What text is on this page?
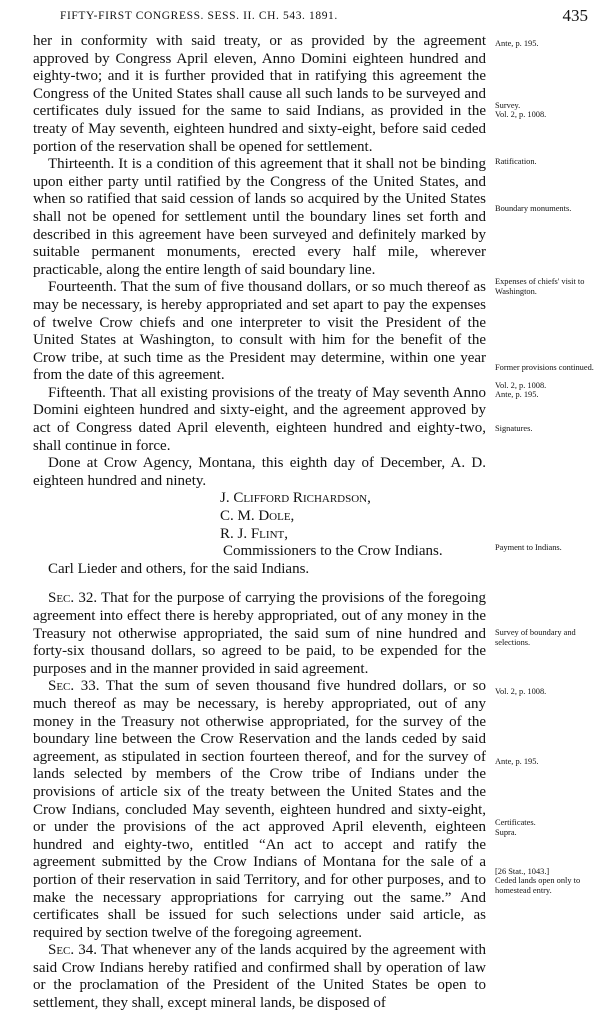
FIFTY-FIRST CONGRESS. SESS. II. CH. 543. 1891.	435

her in conformity with said treaty, or as provided by the agreement approved by Congress April eleven, Anno Domini eighteen hundred and eighty-two; and it is further provided that in ratifying this agreement the Congress of the United States shall cause all such lands to be surveyed and certificates duly issued for the same to said Indians, as provided in the treaty of May seventh, eighteen hundred and sixty-eight, before said ceded portion of the reservation shall be opened for settlement.

Thirteenth. It is a condition of this agreement that it shall not be binding upon either party until ratified by the Congress of the United States, and when so ratified that said cession of lands so acquired by the United States shall not be opened for settlement until the boundary lines set forth and described in this agreement have been surveyed and definitely marked by suitable permanent monuments, erected every half mile, wherever practicable, along the entire length of said boundary line.

Fourteenth. That the sum of five thousand dollars, or so much thereof as may be necessary, is hereby appropriated and set apart to pay the expenses of twelve Crow chiefs and one interpreter to visit the President of the United States at Washington, to consult with him for the benefit of the Crow tribe, at such time as the President may determine, within one year from the date of this agreement.

Fifteenth. That all existing provisions of the treaty of May seventh Anno Domini eighteen hundred and sixty-eight, and the agreement approved by act of Congress dated April eleventh, eighteen hundred and eighty-two, shall continue in force.

Done at Crow Agency, Montana, this eighth day of December, A. D. eighteen hundred and ninety.

J. Clifford Richardson,

C. M. Dole,

R. J. Flint,

Commissioners to the Crow Indians.

Carl Lieder and others, for the said Indians.

Sec. 32. That for the purpose of carrying the provisions of the foregoing agreement into effect there is hereby appropriated, out of any money in the Treasury not otherwise appropriated, the said sum of nine hundred and forty-six thousand dollars, so agreed to be paid, to be expended for the purposes and in the manner provided in said agreement.

Sec. 33. That the sum of seven thousand five hundred dollars, or so much thereof as may be necessary, is hereby appropriated, out of any money in the Treasury not otherwise appropriated, for the survey of the boundary line between the Crow Reservation and the lands ceded by said agreement, as stipulated in section fourteen thereof, and for the survey of lands selected by members of the Crow tribe of Indians under the provisions of article six of the treaty between the United States and the Crow Indians, concluded May seventh, eighteen hundred and sixty-eight, or under the provisions of the act approved April eleventh, eighteen hundred and eighty-two, entitled “An act to accept and ratify the agreement submitted by the Crow Indians of Montana for the sale of a portion of their reservation in said Territory, and for other purposes, and to make the necessary appropriations for carrying out the same.” And certificates shall be issued for such selections under said article, as required by section twelve of the foregoing agreement.

Sec. 34. That whenever any of the lands acquired by the agreement with said Crow Indians hereby ratified and confirmed shall by operation of law or the proclamation of the President of the United States be open to settlement, they shall, except mineral lands, be disposed of

Ante, p. 195.
Survey.
Vol. 2, p. 1008.
Ratification.
Boundary monuments.
Expenses of chiefs' visit to Washington.
Former provisions continued.
Vol. 2, p. 1008.
Ante, p. 195.
Signatures.
Payment to Indians.
Survey of boundary and selections.
Vol. 2, p. 1008.
Ante, p. 195.
Certificates.
Supra.
[26 Stat., 1043.]
Ceded lands open only to homestead entry.
